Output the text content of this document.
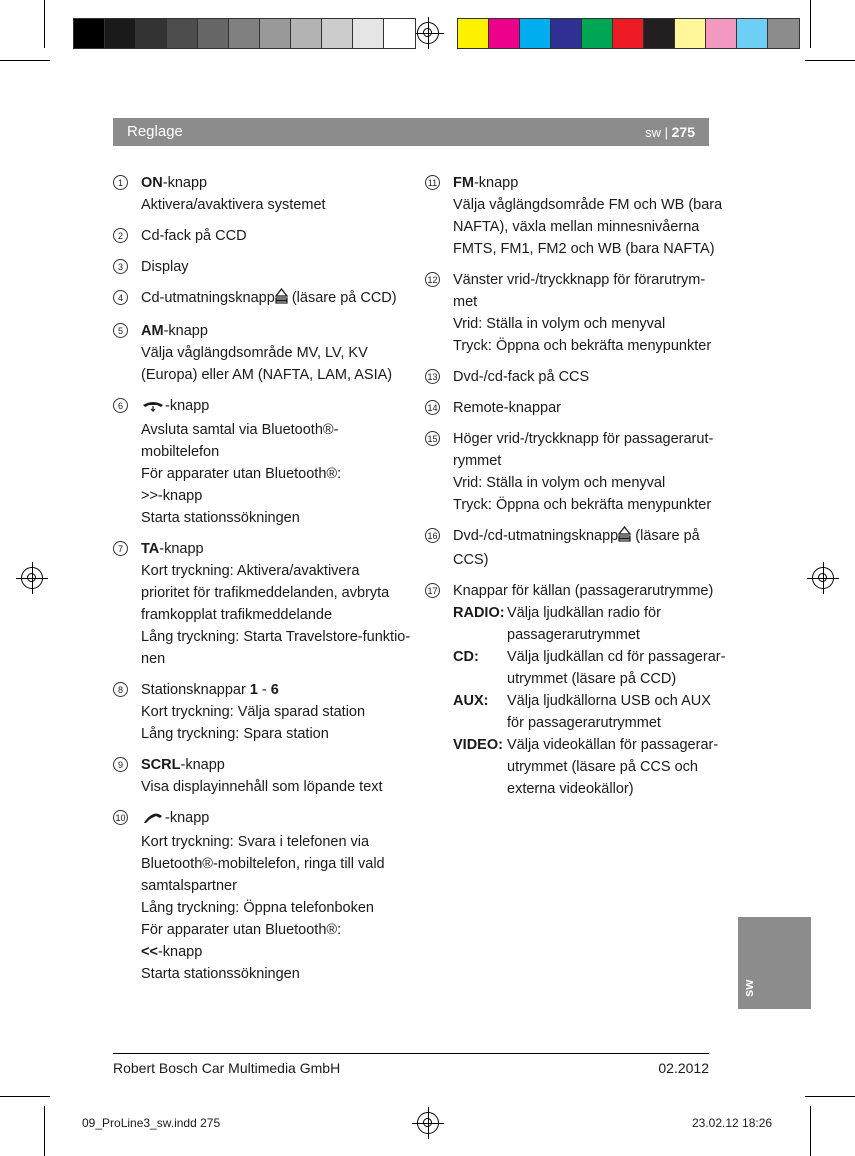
Reglage	sw | 275
1	ON-knapp
Aktivera/avaktivera systemet
2	Cd-fack på CCD
3	Display
4	Cd-utmatningsknapp (läsare på CCD)
5	AM-knapp
Välja våglängdsområde MV, LV, KV
(Europa) eller AM (NAFTA, LAM, ASIA)
6	-knapp
Avsluta samtal via Bluetooth®-
mobiltelefon
För apparater utan Bluetooth®:
>>-knapp
Starta stationssökningen
7	TA-knapp
Kort tryckning: Aktivera/avaktivera
prioritet för trafikmeddelanden, avbryta
framkopplat trafikmeddelande
Lång tryckning: Starta Travelstore-funktio-
nen
8	Stationsknappar 1 - 6
Kort tryckning: Välja sparad station
Lång tryckning: Spara station
9	SCRL-knapp
Visa displayinnehåll som löpande text
10	-knapp
Kort tryckning: Svara i telefonen via
Bluetooth®-mobiltelefon, ringa till vald
samtalspartner
Lång tryckning: Öppna telefonboken
För apparater utan Bluetooth®:
<<-knapp
Starta stationssökningen
11 FM-knapp
Välja våglängdsområde FM och WB (bara
NAFTA), växla mellan minnesnivåerna
FMTS, FM1, FM2 och WB (bara NAFTA)
12 Vänster vrid-/tryckknapp för förarutrym-
met
Vrid: Ställa in volym och menyval
Tryck: Öppna och bekräfta menypunkter
13 Dvd-/cd-fack på CCS
14 Remote-knappar
15 Höger vrid-/tryckknapp för passagerarut-
rymmet
Vrid: Ställa in volym och menyval
Tryck: Öppna och bekräfta menypunkter
16 Dvd-/cd-utmatningsknapp (läsare på
CCS)
17 Knappar för källan (passagerarutrymme)
RADIO: Välja ljudkällan radio för
passagerarutrymmet
CD:	Välja ljudkällan cd för passagerar-
utrymmet (läsare på CCD)
AUX:	Välja ljudkällorna USB och AUX
för passagerarutrymmet
VIDEO: Välja videokällan för passagerar-
utrymmet (läsare på CCS och
externa videokällor)
sw
Robert Bosch Car Multimedia GmbH	02.2012
09_ProLine3_sw.indd 275	23.02.12 18:26
